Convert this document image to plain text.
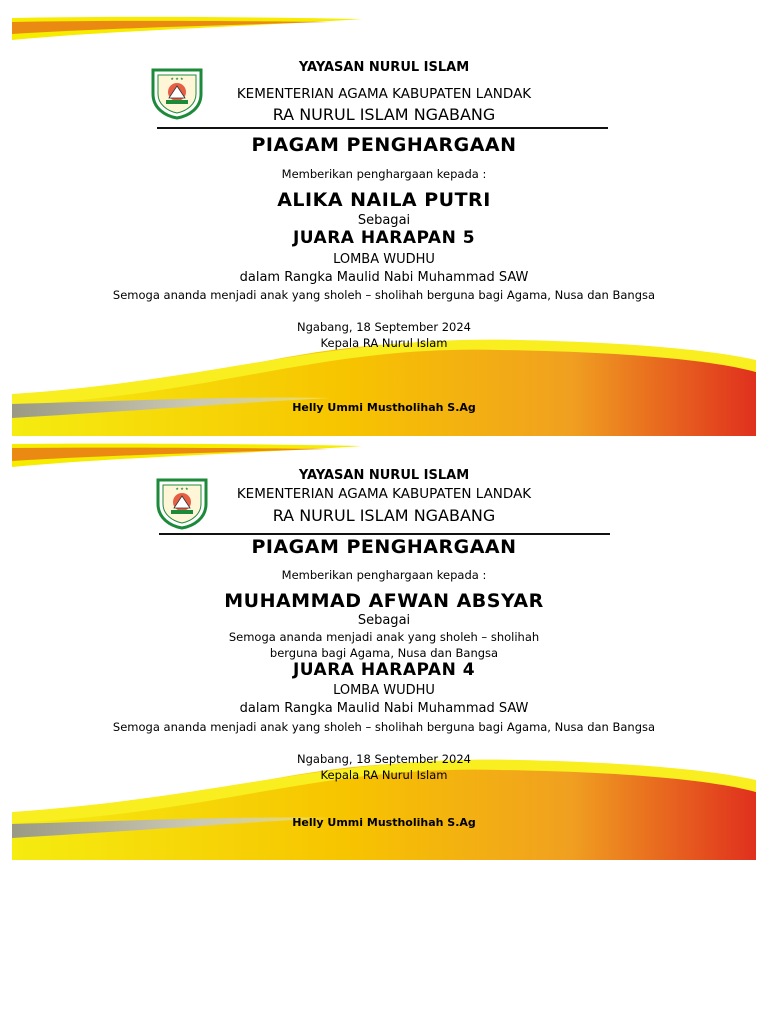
★ ★ ★
YAYASAN NURUL ISLAM
KEMENTERIAN AGAMA KABUPATEN LANDAK
RA NURUL ISLAM NGABANG
PIAGAM PENGHARGAAN
Memberikan penghargaan kepada :
ALIKA NAILA PUTRI
Sebagai
JUARA HARAPAN 5
LOMBA WUDHU
dalam Rangka Maulid Nabi Muhammad SAW
Semoga ananda menjadi anak yang sholeh – sholihah berguna bagi Agama, Nusa dan Bangsa
Ngabang, 18 September 2024
Kepala RA Nurul Islam
Helly Ummi Mustholihah S.Ag
★ ★ ★
YAYASAN NURUL ISLAM
KEMENTERIAN AGAMA KABUPATEN LANDAK
RA NURUL ISLAM NGABANG
PIAGAM PENGHARGAAN
Memberikan penghargaan kepada :
MUHAMMAD AFWAN ABSYAR
Sebagai
Semoga ananda menjadi anak yang sholeh – sholihah
berguna bagi Agama, Nusa dan Bangsa
JUARA HARAPAN 4
LOMBA WUDHU
dalam Rangka Maulid Nabi Muhammad SAW
Semoga ananda menjadi anak yang sholeh – sholihah berguna bagi Agama, Nusa dan Bangsa
Ngabang, 18 September 2024
Kepala RA Nurul Islam
Helly Ummi Mustholihah S.Ag
